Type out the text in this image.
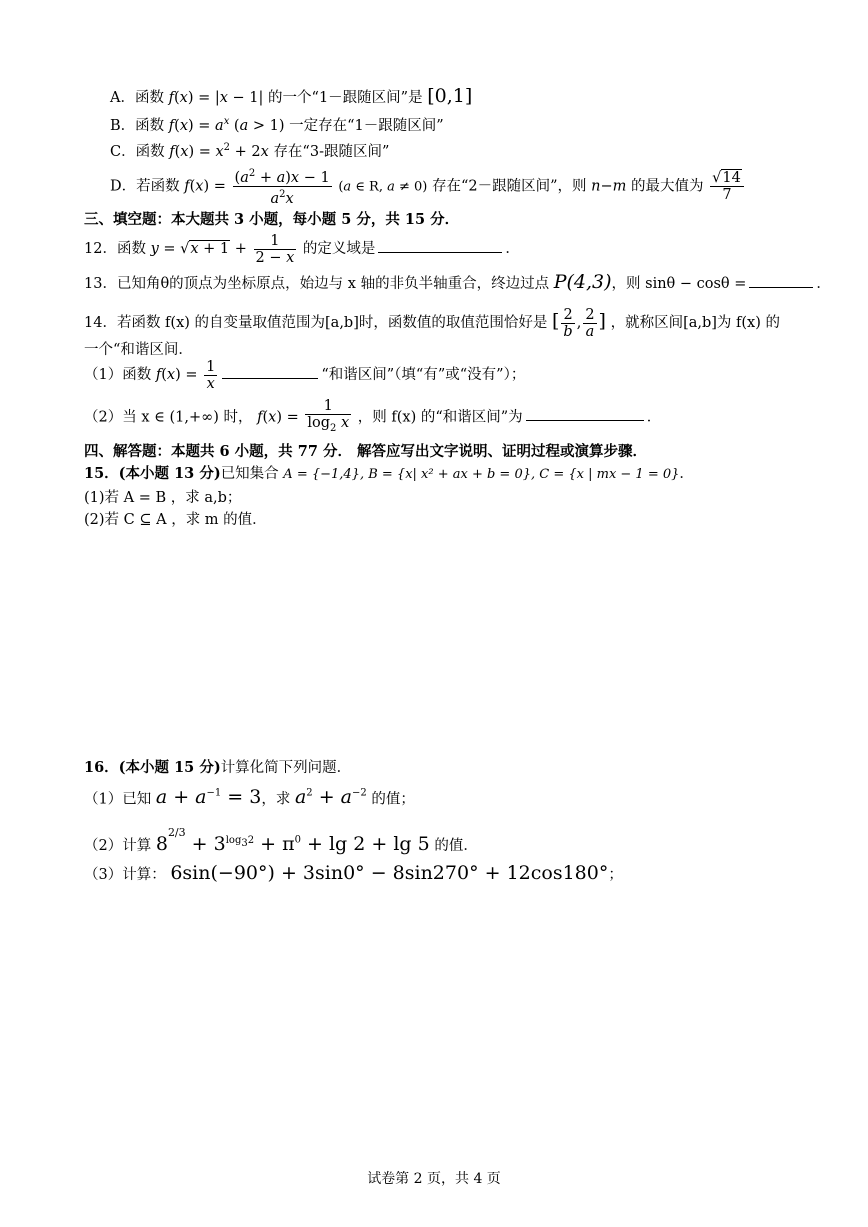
A．函数 f(x) = |x − 1| 的一个“1－跟随区间”是 [0,1]
B．函数 $f(x) = a^x$ (a > 1) 一定存在“1－跟随区间”
C．函数 $f(x) = x^2 + 2x$ 存在“3-跟随区间”
D．若函数 $f(x) = \frac{(a^2 + a)x - 1}{a^2x} (a$ ∈ R, a ≠ 0) 存在“2－跟随区间”，则 n−m 的最大值为 $\frac{√14}{7}$
三、填空题：本大题共 3 小题，每小题 5 分，共 15 分．
12．函数 $y = √x + 1 + \frac{1}{2 - x}$ 的定义域是	．
13．已知角θ的顶点为坐标原点，始边与 x 轴的非负半轴重合，终边过点 P(4,3)，则 sinθ − cosθ =	．
14．若函数 f(x) 的自变量取值范围为[a,b]时，函数值的取值范围恰好是 [ $\frac{2}{b}$ , $\frac{2}{a}$ ] ，就称区间[a,b]为 f(x) 的
一个“和谐区间．
（1）函数 $f(x) = \frac{1}{x}$	“和谐区间”（填“有”或“没有”）；
（2）当 x ∈ (1,+∞) 时， $f(x) = \frac{1}{\log_2 x}$ ，则 f(x) 的“和谐区间”为	．
四、解答题：本题共 6 小题，共 77 分． 解答应写出文字说明、证明过程或演算步骤．
15．(本小题 13 分)已知集合 A = {−1,4}, B = {x| x² + ax + b = 0}, C = {x | mx − 1 = 0}．
(1)若 A = B ，求 a,b；
(2)若 C ⊆ A ，求 m 的值．
16．(本小题 15 分)计算化简下列问题．
（1）已知 $a + a^{-1} = 3$，求 $a^2 + a^{-2}$ 的值；
（2）计算 $8^{2/3} + 3^{log_32} + \pi^0 + \lg 2 + \lg 5$ 的值．
（3）计算： 6sin(−90°) + 3sin0° − 8sin270° + 12cos180°；
试卷第 2 页，共 4 页
